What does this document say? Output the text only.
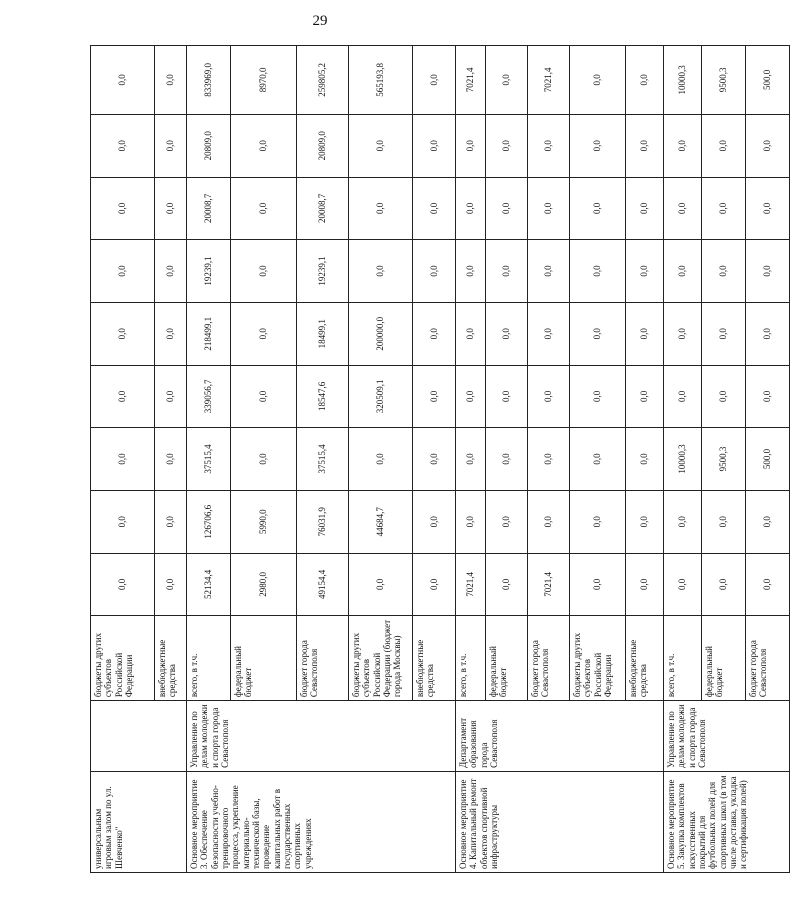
29
универсальным игровым залом по ул. Шевченко"		бюджеты других субъектов Российской Федерации	0,0	0,0	0,0	0,0	0,0	0,0	0,0	0,0	0,0
		внебюджетные средства	0,0	0,0	0,0	0,0	0,0	0,0	0,0	0,0	0,0
Основное мероприятие 3. Обеспечение безопасности учебно-тренировочного процесса, укрепление материально-технической базы, проведение капитальных работ в государственных спортивных учреждениях	Управление по делам молодежи и спорта города Севастополя	всего, в т.ч.	52134,4	126706,6	37515,4	339056,7	218499,1	19239,1	20008,7	20809,0	833969,0
		федеральный бюджет	2980,0	5990,0	0,0	0,0	0,0	0,0	0,0	0,0	8970,0
		бюджет города Севастополя	49154,4	76031,9	37515,4	18547,6	18499,1	19239,1	20008,7	20809,0	259805,2
		бюджеты других субъектов Российской Федерации (бюджет города Москвы)	0,0	44684,7	0,0	320509,1	200000,0	0,0	0,0	0,0	565193,8
		внебюджетные средства	0,0	0,0	0,0	0,0	0,0	0,0	0,0	0,0	0,0
Основное мероприятие 4. Капитальный ремонт объектов спортивной инфраструктуры	Департамент образования города Севастополя	всего, в т.ч.	7021,4	0,0	0,0	0,0	0,0	0,0	0,0	0,0	7021,4
		федеральный бюджет	0,0	0,0	0,0	0,0	0,0	0,0	0,0	0,0	0,0
		бюджет города Севастополя	7021,4	0,0	0,0	0,0	0,0	0,0	0,0	0,0	7021,4
		бюджеты других субъектов Российской Федерации	0,0	0,0	0,0	0,0	0,0	0,0	0,0	0,0	0,0
		внебюджетные средства	0,0	0,0	0,0	0,0	0,0	0,0	0,0	0,0	0,0
Основное мероприятие 5. Закупка комплектов искусственных покрытий для футбольных полей для спортивных школ (в том числе доставка, укладка и сертификация полей)	Управление по делам молодежи и спорта города Севастополя	всего, в т.ч.	0,0	0,0	10000,3	0,0	0,0	0,0	0,0	0,0	10000,3
		федеральный бюджет	0,0	0,0	9500,3	0,0	0,0	0,0	0,0	0,0	9500,3
		бюджет города Севастополя	0,0	0,0	500,0	0,0	0,0	0,0	0,0	0,0	500,0
